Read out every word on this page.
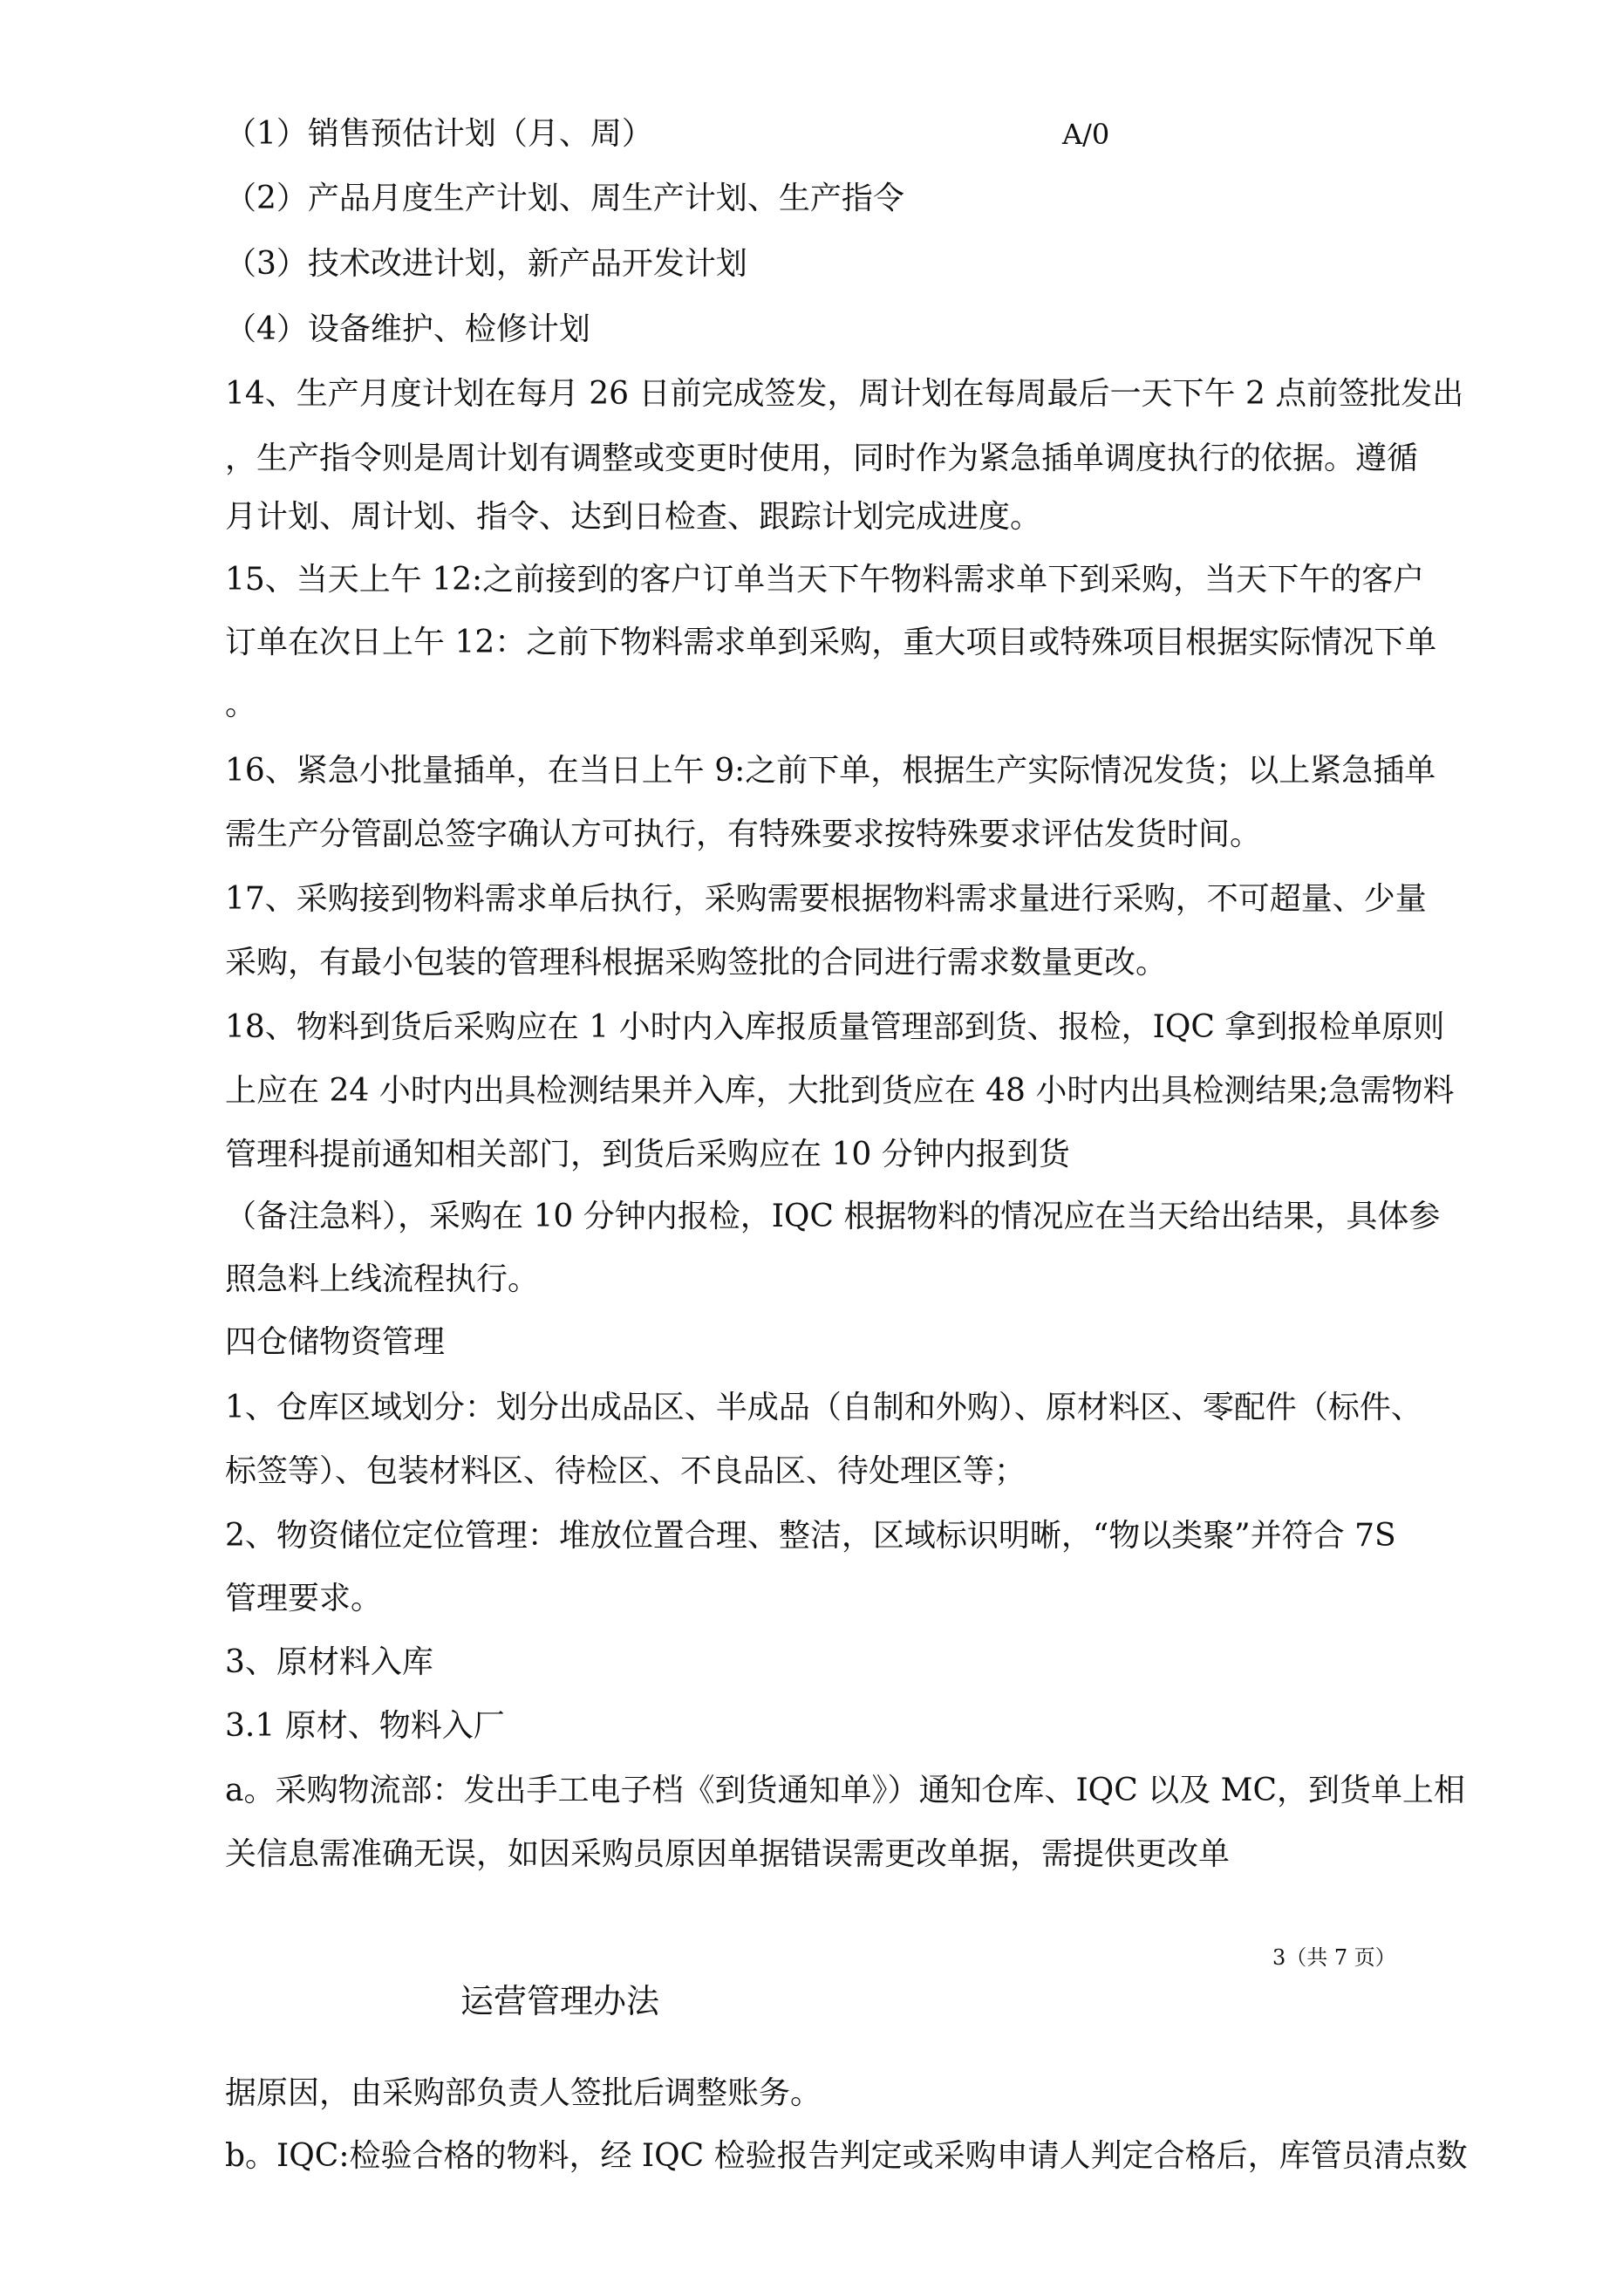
A/0
（1）销售预估计划（月、周）
（2）产品月度生产计划、周生产计划、生产指令
（3）技术改进计划，新产品开发计划
（4）设备维护、检修计划
14、生产月度计划在每月 26 日前完成签发，周计划在每周最后一天下午 2 点前签批发出
，生产指令则是周计划有调整或变更时使用，同时作为紧急插单调度执行的依据。遵循
月计划、周计划、指令、达到日检查、跟踪计划完成进度。
15、当天上午 12:之前接到的客户订单当天下午物料需求单下到采购，当天下午的客户
订单在次日上午 12：之前下物料需求单到采购，重大项目或特殊项目根据实际情况下单
。
16、紧急小批量插单，在当日上午 9:之前下单，根据生产实际情况发货；以上紧急插单
需生产分管副总签字确认方可执行，有特殊要求按特殊要求评估发货时间。
17、采购接到物料需求单后执行，采购需要根据物料需求量进行采购，不可超量、少量
采购，有最小包装的管理科根据采购签批的合同进行需求数量更改。
18、物料到货后采购应在 1 小时内入库报质量管理部到货、报检，IQC 拿到报检单原则
上应在 24 小时内出具检测结果并入库，大批到货应在 48 小时内出具检测结果;急需物料
管理科提前通知相关部门，到货后采购应在 10 分钟内报到货
（备注急料），采购在 10 分钟内报检，IQC 根据物料的情况应在当天给出结果，具体参
照急料上线流程执行。
四仓储物资管理
1、仓库区域划分：划分出成品区、半成品（自制和外购）、原材料区、零配件（标件、
标签等）、包装材料区、待检区、不良品区、待处理区等；
2、物资储位定位管理：堆放位置合理、整洁，区域标识明晰，“物以类聚”并符合 7S
管理要求。
3、原材料入库
3.1 原材、物料入厂
a。采购物流部：发出手工电子档《到货通知单》）通知仓库、IQC 以及 MC，到货单上相
关信息需准确无误，如因采购员原因单据错误需更改单据，需提供更改单
3（共 7 页）
运营管理办法
据原因，由采购部负责人签批后调整账务。
b。IQC:检验合格的物料，经 IQC 检验报告判定或采购申请人判定合格后，库管员清点数
